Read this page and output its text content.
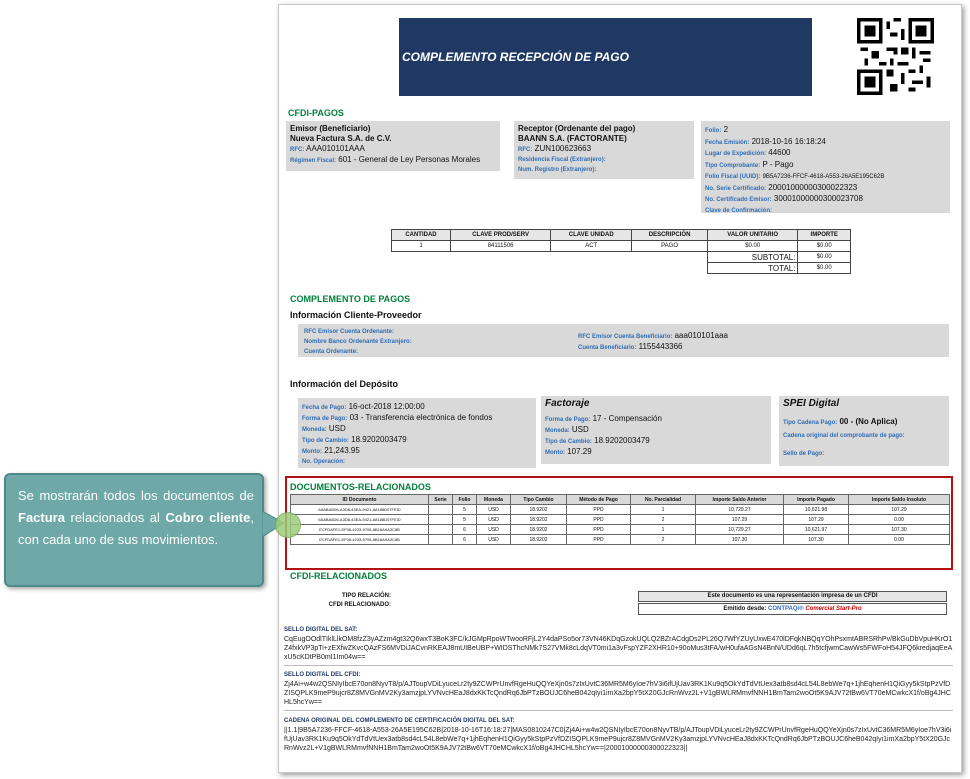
COMPLEMENTO RECEPCIÓN DE PAGO
CFDI-PAGOS
Emisor (Beneficiario)
Nueva Factura S.A. de C.V.
RFC: AAA010101AAA
Régimen Fiscal: 601 - General de Ley Personas Morales
Receptor (Ordenante del pago)
BAANN S.A. (FACTORANTE)
RFC: ZUN100623663
Residencia Fiscal (Extranjero):
Num. Registro (Extranjero):
Folio: 2
Fecha Emisión: 2018-10-16 16:18:24
Lugar de Expedición: 44600
Tipo Comprobante: P - Pago
Folio Fiscal (UUID): 9B5A7236-FFCF-4618-A553-26A5E195C62B
No. Serie Certificado: 20001000000300022323
No. Certificado Emisor: 30001000000300023708
Clave de Confirmación:
CANTIDAD	CLAVE PROD/SERV	CLAVE UNIDAD	DESCRIPCIÓN	VALOR UNITARIO	IMPORTE
1	84111506	ACT	PAGO	$0.00	$0.00
				SUBTOTAL:	$0.00
				TOTAL:	$0.00
COMPLEMENTO DE PAGOS
Información Cliente-Proveedor
RFC Emisor Cuenta Ordenante:
Nombre Banco Ordenante Extranjero:
Cuenta Ordenante:
RFC Emisor Cuenta Beneficiario: aaa010101aaa
Cuenta Beneficiario: 1155443366
Información del Depósito
Fecha de Pago: 16-oct-2018 12:00:00
Forma de Pago: 03 - Transferencia electrónica de fondos
Moneda: USD
Tipo de Cambio: 18.9202003479
Monto: 21,243.95
No. Operación:
Factoraje
Forma de Pago: 17 - Compensación
Moneda: USD
Tipo de Cambio: 18.9202003479
Monto: 107.29
SPEI Digital
Tipo Cadena Pago: 00 - (No Aplica)
Cadena original del comprobante de pago:
Sello de Pago:
DOCUMENTOS-RELACIONADOS
ID Documento	Serie	Folio	Moneda	Tipo Cambio	Método de Pago	No. Parcialidad	Importe Saldo Anterior	Importe Pagado	Importe Saldo Insoluto
6AABA5D6-A3D8-43EA-9421-A8188D07FEID		5	USD	18.9202	PPD	1	10,729.27	10,621.98	107.29
6AABA5D6-A3D8-43EA-9421-A8188D07FEID		5	USD	18.9202	PPD	2	107.29	107.29	0.00
ECFDAFE1-EF06-4233-9706-6B16A9A3C8B		6	USD	18.9202	PPD	1	10,729.27	10,621.97	107.30
ECFDAFE1-EF06-4233-9706-6B16A9A3C8B		6	USD	18.9202	PPD	2	107.30	107.30	0.00
CFDI-RELACIONADOS
TIPO RELACIÓN:
CFDI RELACIONADO:
Este documento es una representación impresa de un CFDI
Emitido desde: CONTPAQi® Comercial Start-Pro
SELLO DIGITAL DEL SAT:
CqEugOOdlTIklLlkOM8fzZ3yAZzm4gt32Q6wxT3BoK3FC/kJGMpRpoWTwooRFjL2Y4daPSo5or73VN46KDqGzokUQLQ2BZrACdgDs2PL26Q7WfYZUyUxwE470lDFqkNBQqYOhPsxmtABRSRhPv/BkGuDbVpuHKrO1Z4fxkVP3pTi+zEXfwZKvcQAzFS6MVDiJACvnRKEAJ8mUIBeUBP+WIDSThcNMk7S27VMk8cLdqVT0mi1a3vFspYZF2XHR10+90oMus3tFA/wH0ufaAGsN4BnN/UDd6qL7h5tcfjwmCawWs5FWFoH54JFQ6kredjaqEeAxU5cKDtPB0mI1Im04w==
SELLO DIGITAL DEL CFDI:
Zj4Ai+w4w2QSNIyIbcE70on8NyvT8/p/AJToupVDiLyuceLr2ty9ZCWPrUnvfRgeHuQQYeXjn0s7zIxUvtC36MR5M6yIoe7hV3i6ifUjUav3RK1Ku9q5OkYdTdVtUex3atb8sd4cL54L8ebWe7q+1jhEqhenH1QiGyy5kStpPzVfDZISQPLK9meP9ujcr8Z8MVGnMV2Ky3amzjpLYVNvcHEaJ8dxKKTcQndRq6JbPTzBOUJC6heB042qIyi1imXa2bpY5tX20GJcRnWvz2L+V1gBWLRMmvfNNH1BmTam2woOt5K9AJV72tBw6VT70eMCwkcX1f/oBg4JHCHL5hcYw==
CADENA ORIGINAL DEL COMPLEMENTO DE CERTIFICACIÓN DIGITAL DEL SAT:
||1.1|9B5A7236-FFCF-4618-A553-26A5E195C62B|2018-10-16T16:18:27|MAS0810247C0|Zj4Ai+w4w2QSNIyIbcE70on8NyvTB/p/AJToupVDiLyuceLr2ty9ZCWPrUnvfRgeHuQQYeXjn0s7zIxUvtC36MR5M6yIoe7hV3i6ifUjUav3RK1Ku9q5OkYdTdVtUex3atb8sd4cL54L8ebWe7q+1jhEqhenH1QiGyy5kStpPzVfDZISQPLK9meP9ujcr8Z8MVGnMV2Ky3amzjpLYVNvcHEaJ8dxKKTcQndRq6JbPTzBOUJC6heB042qIyi1imXa2bpY5tX20GJcRnWvz2L+V1gBWLRMmvfNNH1BmTam2woOt5K9AJV72tBw6VT70eMCwkcX1f/oBg4JHCHL5hcYw==|20001000000300022323||
Se mostrarán todos los documentos de Factura relacionados al Cobro cliente, con cada uno de sus movimientos.
